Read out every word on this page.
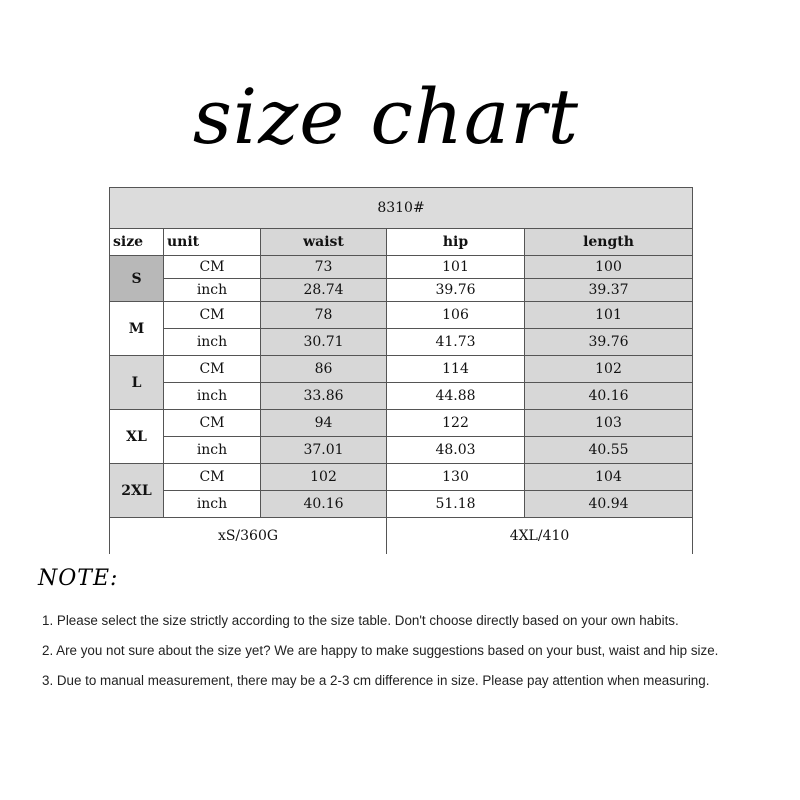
size chart
8310#				
size	unit	waist	hip	length
S	CM	73	101	100
	inch	28.74	39.76	39.37
M	CM	78	106	101
	inch	30.71	41.73	39.76
L	CM	86	114	102
	inch	33.86	44.88	40.16
XL	CM	94	122	103
	inch	37.01	48.03	40.55
2XL	CM	102	130	104
	inch	40.16	51.18	40.94
xS/360G			4XL/410	
NOTE:
1. Please select the size strictly according to the size table. Don't choose directly based on your own habits.
2. Are you not sure about the size yet? We are happy to make suggestions based on your bust, waist and hip size.
3. Due to manual measurement, there may be a 2-3 cm difference in size. Please pay attention when measuring.
